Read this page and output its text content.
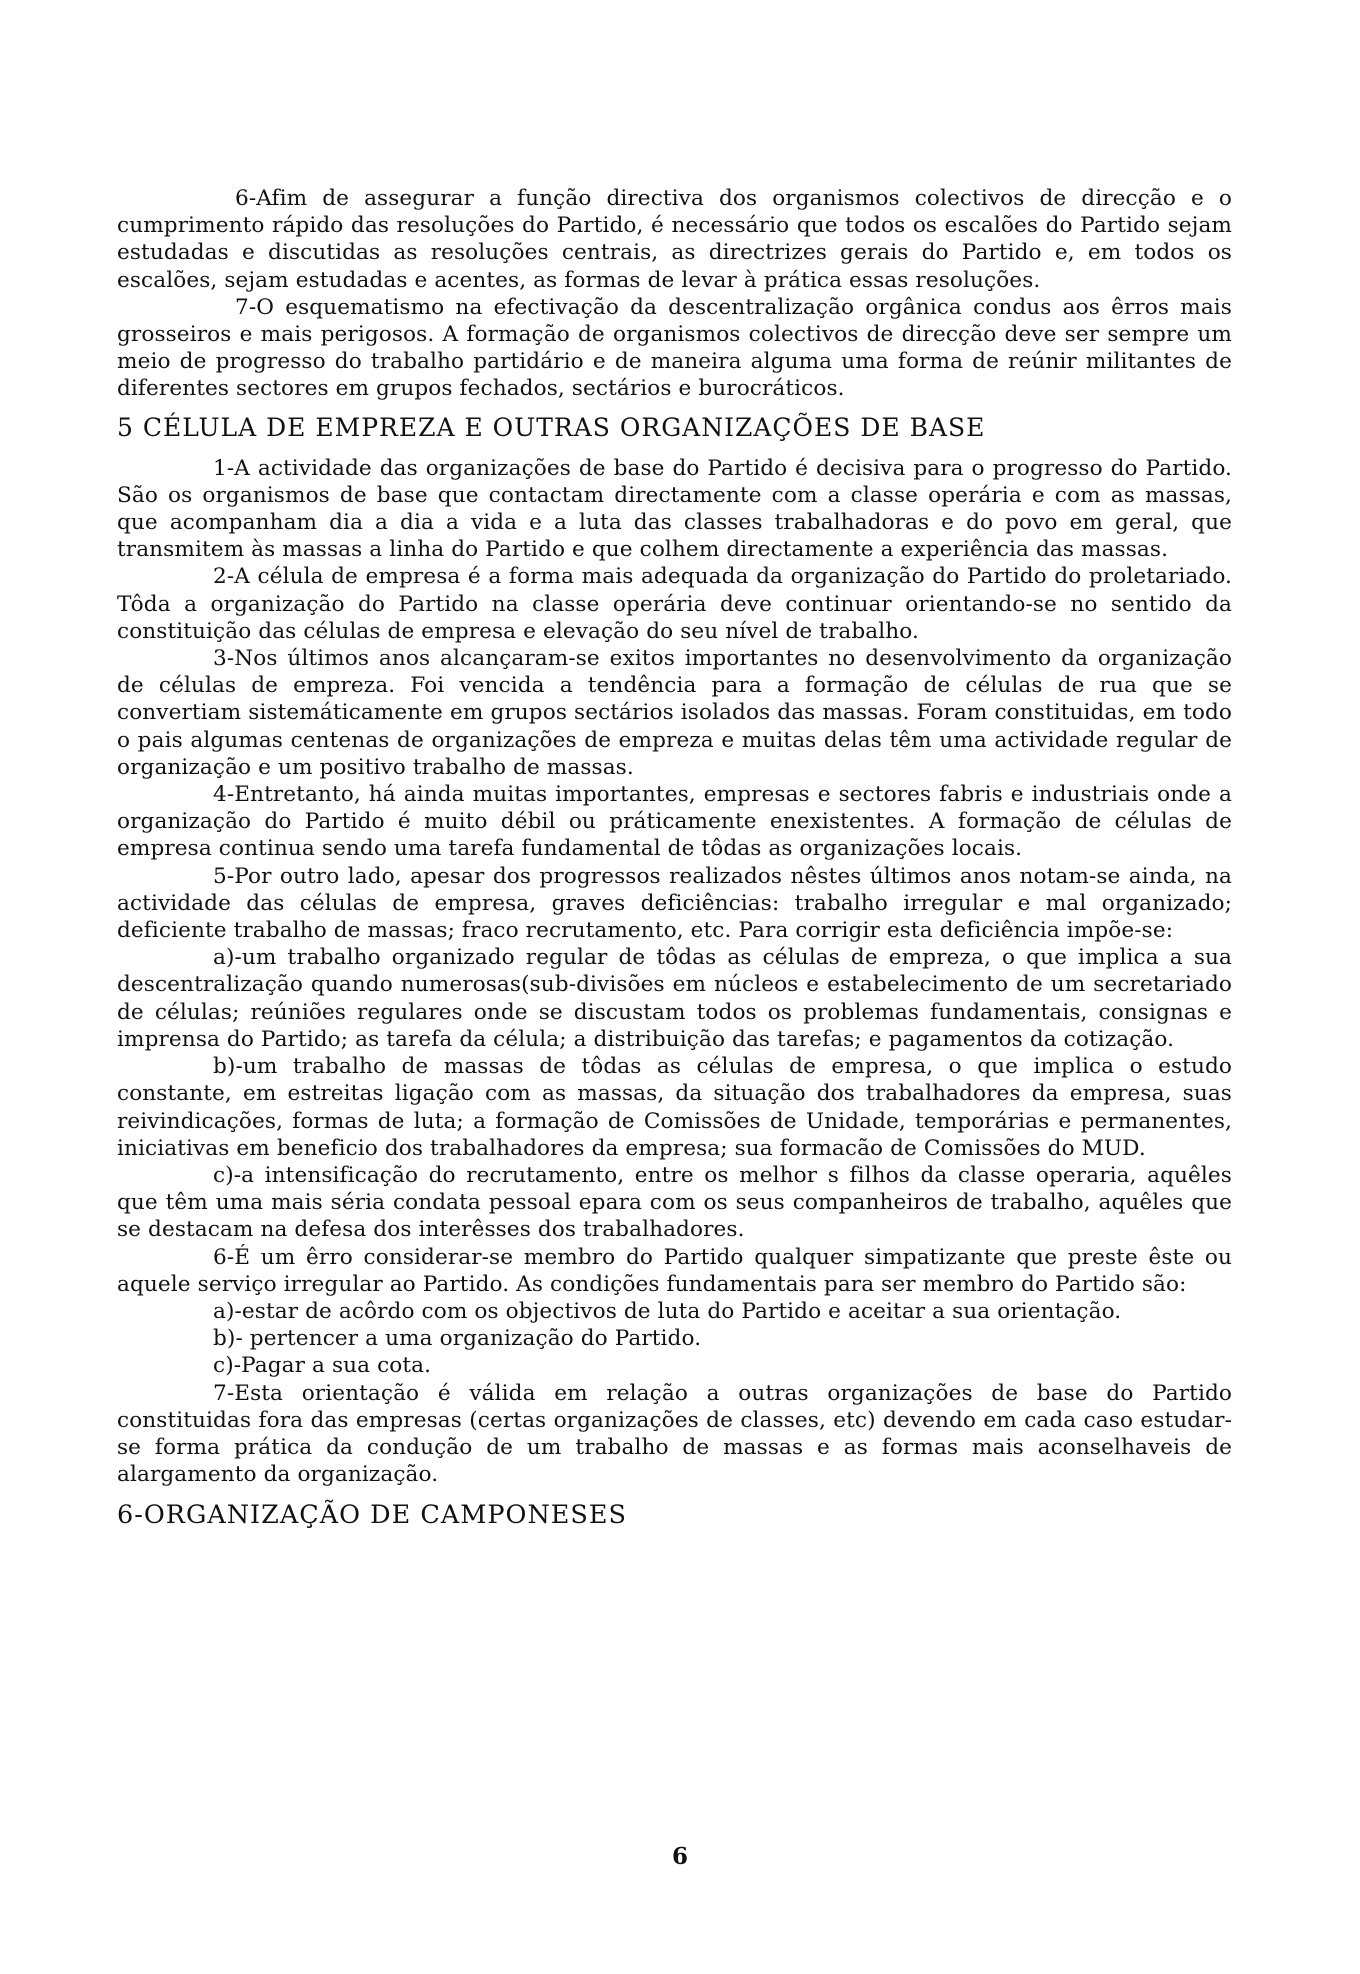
6-Afim de assegurar a função directiva dos organismos colectivos de direcção e o cumprimento rápido das resoluções do Partido, é necessário que todos os escalões do Partido sejam estudadas e discutidas as resoluções centrais, as directrizes gerais do Partido e, em todos os escalões, sejam estudadas e acentes, as formas de levar à prática essas resoluções.

7-O esquematismo na efectivação da descentralização orgânica condus aos êrros mais grosseiros e mais perigosos. A formação de organismos colectivos de direcção deve ser sempre um meio de progresso do trabalho partidário e de maneira alguma uma forma de reúnir militantes de diferentes sectores em grupos fechados, sectários e burocráticos.

5 CÉLULA DE EMPREZA E OUTRAS ORGANIZAÇÕES DE BASE

1-A actividade das organizações de base do Partido é decisiva para o progresso do Partido. São os organismos de base que contactam directamente com a classe operária e com as massas, que acompanham dia a dia a vida e a luta das classes trabalhadoras e do povo em geral, que transmitem às massas a linha do Partido e que colhem directamente a experiência das massas.

2-A célula de empresa é a forma mais adequada da organização do Partido do proletariado. Tôda a organização do Partido na classe operária deve continuar orientando-se no sentido da constituição das células de empresa e elevação do seu nível de trabalho.

3-Nos últimos anos alcançaram-se exitos importantes no desenvolvimento da organização de células de empreza. Foi vencida a tendência para a formação de células de rua que se convertiam sistemáticamente em grupos sectários isolados das massas. Foram constituidas, em todo o pais algumas centenas de organizações de empreza e muitas delas têm uma actividade regular de organização e um positivo trabalho de massas.

4-Entretanto, há ainda muitas importantes, empresas e sectores fabris e industriais onde a organização do Partido é muito débil ou práticamente enexistentes. A formação de células de empresa continua sendo uma tarefa fundamental de tôdas as organizações locais.

5-Por outro lado, apesar dos progressos realizados nêstes últimos anos notam-se ainda, na actividade das células de empresa, graves deficiências: trabalho irregular e mal organizado; deficiente trabalho de massas; fraco recrutamento, etc. Para corrigir esta deficiência impõe-se:

a)-um trabalho organizado regular de tôdas as células de empreza, o que implica a sua descentralização quando numerosas(sub-divisões em núcleos e estabelecimento de um secretariado de células; reúniões regulares onde se discustam todos os problemas fundamentais, consignas e imprensa do Partido; as tarefa da célula; a distribuição das tarefas; e pagamentos da cotização.

b)-um trabalho de massas de tôdas as células de empresa, o que implica o estudo constante, em estreitas ligação com as massas, da situação dos trabalhadores da empresa, suas reivindicações, formas de luta; a formação de Comissões de Unidade, temporárias e permanentes, iniciativas em beneficio dos trabalhadores da empresa; sua formacão de Comissões do MUD.

c)-a intensificação do recrutamento, entre os melhor s filhos da classe operaria, aquêles que têm uma mais séria condata pessoal epara com os seus companheiros de trabalho, aquêles que se destacam na defesa dos interêsses dos trabalhadores.

6-É um êrro considerar-se membro do Partido qualquer simpatizante que preste êste ou aquele serviço irregular ao Partido. As condições fundamentais para ser membro do Partido são:

a)-estar de acôrdo com os objectivos de luta do Partido e aceitar a sua orientação.

b)- pertencer a uma organização do Partido.

c)-Pagar a sua cota.

7-Esta orientação é válida em relação a outras organizações de base do Partido constituidas fora das empresas (certas organizações de classes, etc) devendo em cada caso estudar-se forma prática da condução de um trabalho de massas e as formas mais aconselhaveis de alargamento da organização.

6-ORGANIZAÇÃO DE CAMPONESES
6
